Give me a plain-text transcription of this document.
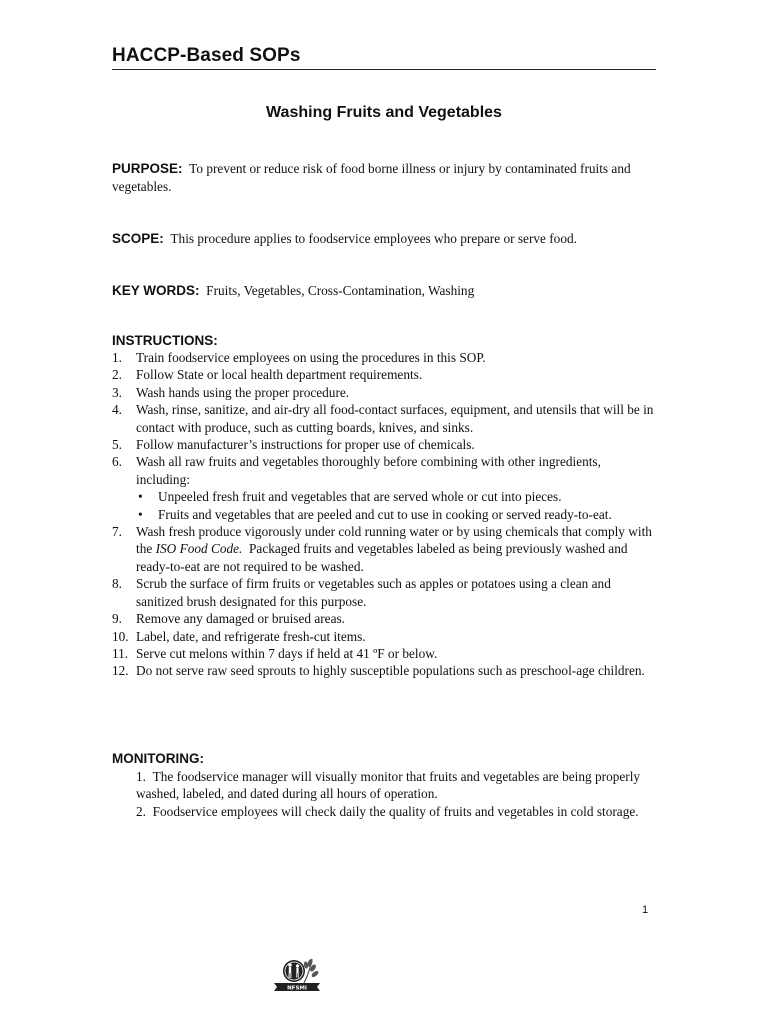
HACCP-Based SOPs
Washing Fruits and Vegetables
PURPOSE: To prevent or reduce risk of food borne illness or injury by contaminated fruits and vegetables.
SCOPE: This procedure applies to foodservice employees who prepare or serve food.
KEY WORDS: Fruits, Vegetables, Cross-Contamination, Washing
INSTRUCTIONS:
1. Train foodservice employees on using the procedures in this SOP.
2. Follow State or local health department requirements.
3. Wash hands using the proper procedure.
4. Wash, rinse, sanitize, and air-dry all food-contact surfaces, equipment, and utensils that will be in contact with produce, such as cutting boards, knives, and sinks.
5. Follow manufacturer’s instructions for proper use of chemicals.
6. Wash all raw fruits and vegetables thoroughly before combining with other ingredients, including:
• Unpeeled fresh fruit and vegetables that are served whole or cut into pieces.
• Fruits and vegetables that are peeled and cut to use in cooking or served ready-to-eat.
7. Wash fresh produce vigorously under cold running water or by using chemicals that comply with the ISO Food Code.  Packaged fruits and vegetables labeled as being previously washed and ready-to-eat are not required to be washed.
8. Scrub the surface of firm fruits or vegetables such as apples or potatoes using a clean and sanitized brush designated for this purpose.
9. Remove any damaged or bruised areas.
10. Label, date, and refrigerate fresh-cut items.
11. Serve cut melons within 7 days if held at 41 ºF or below.
12. Do not serve raw seed sprouts to highly susceptible populations such as preschool-age children.
MONITORING:
1. The foodservice manager will visually monitor that fruits and vegetables are being properly washed, labeled, and dated during all hours of operation.
2. Foodservice employees will check daily the quality of fruits and vegetables in cold storage.
1
NFSMI
